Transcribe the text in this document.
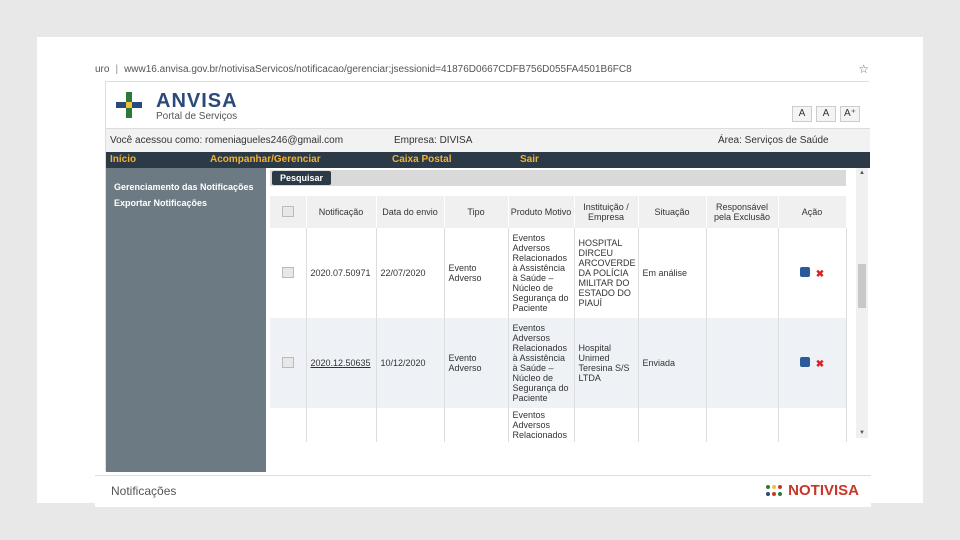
uro | www16.anvisa.gov.br/notivisaServicos/notificacao/gerenciar;jsessionid=41876D0667CDFB756D055FA4501B6FC8	☆
ANVISA
Portal de Serviços	A	A	A⁺
Você acessou como: romeniagueles246@gmail.com	Empresa: DIVISA	Área: Serviços de Saúde
Início	Acompanhar/Gerenciar	Caixa Postal	Sair
Gerenciamento das Notificações
Exportar Notificações
Pesquisar
	Notificação	Data do envio	Tipo	Produto Motivo	Instituição / Empresa	Situação	Responsável pela Exclusão	Ação
	2020.07.50971	22/07/2020	Evento Adverso	Eventos Adversos Relacionados à Assistência à Saúde – Núcleo de Segurança do Paciente	HOSPITAL DIRCEU ARCOVERDE DA POLÍCIA MILITAR DO ESTADO DO PIAUÍ	Em análise		✖
	2020.12.50635	10/12/2020	Evento Adverso	Eventos Adversos Relacionados à Assistência à Saúde – Núcleo de Segurança do Paciente	Hospital Unimed Teresina S/S LTDA	Enviada		✖
				Eventos Adversos Relacionados				
▲
▼
Notificações	NOTIVISA
